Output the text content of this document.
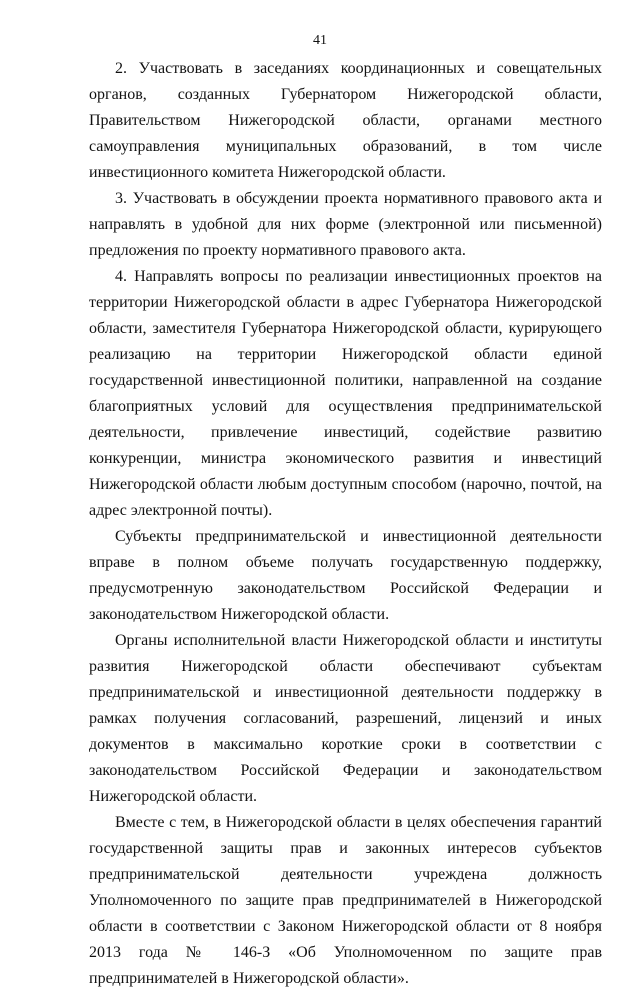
41

2. Участвовать в заседаниях координационных и совещательных органов, созданных Губернатором Нижегородской области, Правительством Нижегородской области, органами местного самоуправления муниципальных образований, в том числе инвестиционного комитета Нижегородской области.

3. Участвовать в обсуждении проекта нормативного правового акта и направлять в удобной для них форме (электронной или письменной) предложения по проекту нормативного правового акта.

4. Направлять вопросы по реализации инвестиционных проектов на территории Нижегородской области в адрес Губернатора Нижегородской области, заместителя Губернатора Нижегородской области, курирующего реализацию на территории Нижегородской области единой государственной инвестиционной политики, направленной на создание благоприятных условий для осуществления предпринимательской деятельности, привлечение инвестиций, содействие развитию конкуренции, министра экономического развития и инвестиций Нижегородской области любым доступным способом (нарочно, почтой, на адрес электронной почты).

Субъекты предпринимательской и инвестиционной деятельности вправе в полном объеме получать государственную поддержку, предусмотренную законодательством Российской Федерации и законодательством Нижегородской области.

Органы исполнительной власти Нижегородской области и институты развития Нижегородской области обеспечивают субъектам предпринимательской и инвестиционной деятельности поддержку в рамках получения согласований, разрешений, лицензий и иных документов в максимально короткие сроки в соответствии с законодательством Российской Федерации и законодательством Нижегородской области.

Вместе с тем, в Нижегородской области в целях обеспечения гарантий государственной защиты прав и законных интересов субъектов предпринимательской деятельности учреждена должность Уполномоченного по защите прав предпринимателей в Нижегородской области в соответствии с Законом Нижегородской области от 8 ноября 2013 года № 146-З «Об Уполномоченном по защите прав предпринимателей в Нижегородской области».
